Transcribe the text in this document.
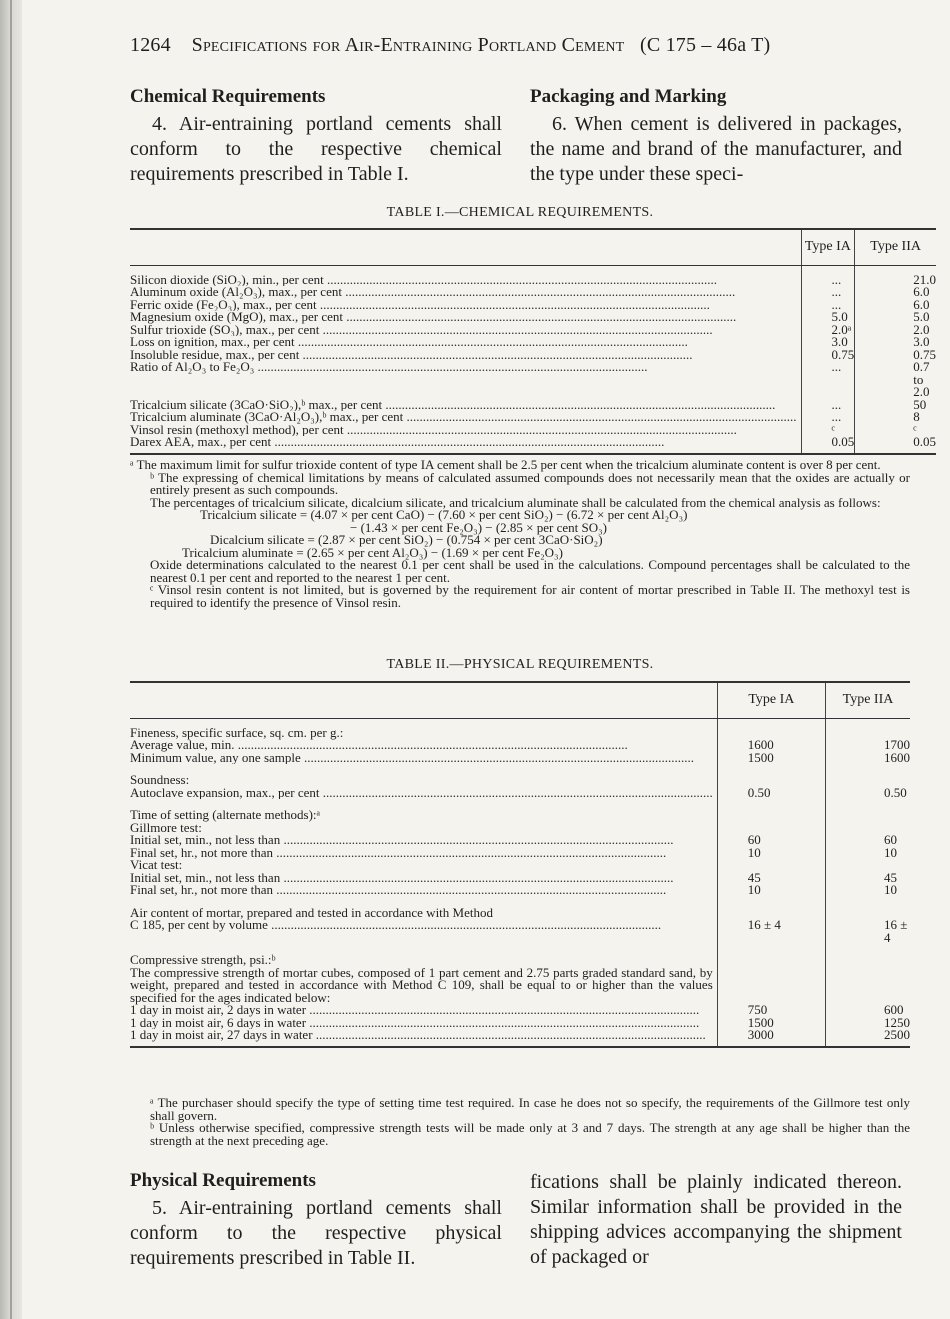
1264 Specifications for Air-Entraining Portland Cement (C 175 – 46a T)
Chemical Requirements
4. Air-entraining portland cements shall conform to the respective chemical requirements prescribed in Table I.
Packaging and Marking
6. When cement is delivered in packages, the name and brand of the manufacturer, and the type under these speci-
TABLE I.—CHEMICAL REQUIREMENTS.
	Type IA	Type IIA
Silicon dioxide (SiO₂), min., per cent ........................................................................................................................	...	21.0
Aluminum oxide (Al₂O₃), max., per cent ........................................................................................................................	...	6.0
Ferric oxide (Fe₂O₃), max., per cent ........................................................................................................................	...	6.0
Magnesium oxide (MgO), max., per cent ........................................................................................................................	5.0	5.0
Sulfur trioxide (SO₃), max., per cent ........................................................................................................................	2.0ᵃ	2.0
Loss on ignition, max., per cent ........................................................................................................................	3.0	3.0
Insoluble residue, max., per cent ........................................................................................................................	0.75	0.75
Ratio of Al₂O₃ to Fe₂O₃ ........................................................................................................................	...	0.7 to 2.0
Tricalcium silicate (3CaO·SiO₂),ᵇ max., per cent ........................................................................................................................	...	50
Tricalcium aluminate (3CaO·Al₂O₃),ᵇ max., per cent ........................................................................................................................	...	8
Vinsol resin (methoxyl method), per cent ........................................................................................................................	ᶜ	ᶜ
Darex AEA, max., per cent ........................................................................................................................	0.05	0.05

ᵃ The maximum limit for sulfur trioxide content of type IA cement shall be 2.5 per cent when the tricalcium aluminate content is over 8 per cent.

ᵇ The expressing of chemical limitations by means of calculated assumed compounds does not necessarily mean that the oxides are actually or entirely present as such compounds.

The percentages of tricalcium silicate, dicalcium silicate, and tricalcium aluminate shall be calculated from the chemical analysis as follows:

Tricalcium silicate = (4.07 × per cent CaO) − (7.60 × per cent SiO₂) − (6.72 × per cent Al₂O₃)

− (1.43 × per cent Fe₂O₃) − (2.85 × per cent SO₃)

Dicalcium silicate = (2.87 × per cent SiO₂) − (0.754 × per cent 3CaO·SiO₂)

Tricalcium aluminate = (2.65 × per cent Al₂O₃) − (1.69 × per cent Fe₂O₃)

Oxide determinations calculated to the nearest 0.1 per cent shall be used in the calculations. Compound percentages shall be calculated to the nearest 0.1 per cent and reported to the nearest 1 per cent.

ᶜ Vinsol resin content is not limited, but is governed by the requirement for air content of mortar prescribed in Table II. The methoxyl test is required to identify the presence of Vinsol resin.

TABLE II.—PHYSICAL REQUIREMENTS.
	Type IA	Type IIA
Fineness, specific surface, sq. cm. per g.:		
Average value, min. ........................................................................................................................	1600	1700
Minimum value, any one sample ........................................................................................................................	1500	1600

Soundness:		
Autoclave expansion, max., per cent ........................................................................................................................	0.50	0.50

Time of setting (alternate methods):ᵃ		
Gillmore test:		
Initial set, min., not less than ........................................................................................................................	60	60
Final set, hr., not more than ........................................................................................................................	10	10
Vicat test:		
Initial set, min., not less than ........................................................................................................................	45	45
Final set, hr., not more than ........................................................................................................................	10	10

Air content of mortar, prepared and tested in accordance with Method		
C 185, per cent by volume ........................................................................................................................	16 ± 4	16 ± 4

Compressive strength, psi.:ᵇ		
The compressive strength of mortar cubes, composed of 1 part cement and 2.75 parts graded standard sand, by weight, prepared and tested in accordance with Method C 109, shall be equal to or higher than the values specified for the ages indicated below:		
1 day in moist air, 2 days in water ........................................................................................................................	750	600
1 day in moist air, 6 days in water ........................................................................................................................	1500	1250
1 day in moist air, 27 days in water ........................................................................................................................	3000	2500

ᵃ The purchaser should specify the type of setting time test required. In case he does not so specify, the requirements of the Gillmore test only shall govern.

ᵇ Unless otherwise specified, compressive strength tests will be made only at 3 and 7 days. The strength at any age shall be higher than the strength at the next preceding age.

Physical Requirements
5. Air-entraining portland cements shall conform to the respective physical requirements prescribed in Table II.
fications shall be plainly indicated thereon. Similar information shall be provided in the shipping advices accompanying the shipment of packaged or
